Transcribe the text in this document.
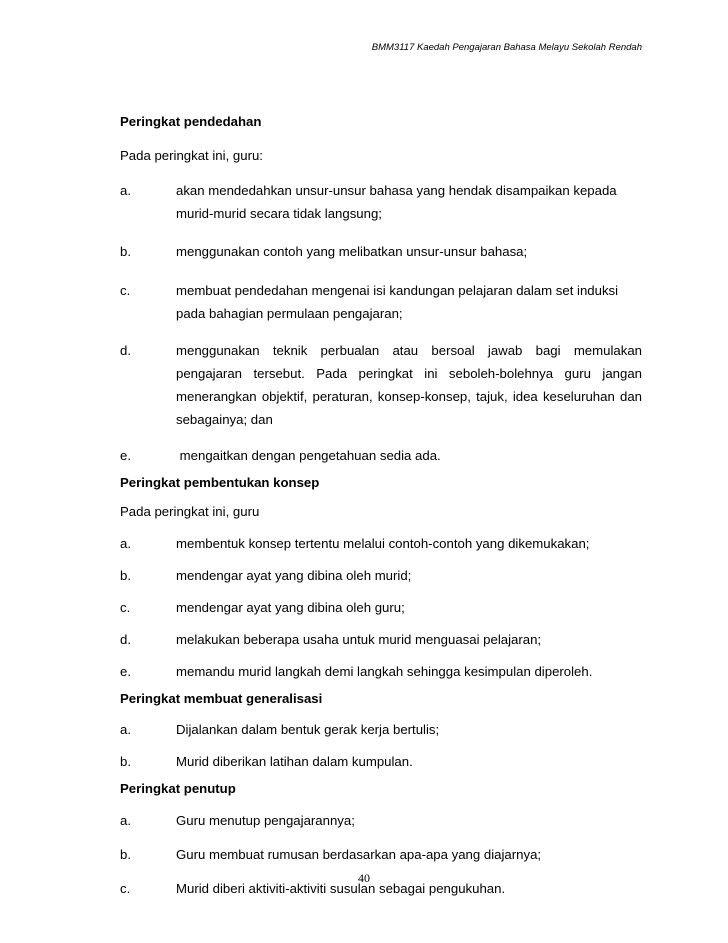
BMM3117 Kaedah Pengajaran Bahasa Melayu Sekolah Rendah

Peringkat pendedahan

Pada peringkat ini, guru:

a.	akan mendedahkan unsur-unsur bahasa yang hendak disampaikan kepada murid-murid secara tidak langsung;
b.	menggunakan contoh yang melibatkan unsur-unsur bahasa;
c.	membuat pendedahan mengenai isi kandungan pelajaran dalam set induksi pada bahagian permulaan pengajaran;
d.	menggunakan teknik perbualan atau bersoal jawab bagi memulakan pengajaran tersebut. Pada peringkat ini seboleh-bolehnya guru jangan menerangkan objektif, peraturan, konsep-konsep, tajuk, idea keseluruhan dan sebagainya; dan
e.	mengaitkan dengan pengetahuan sedia ada.

Peringkat pembentukan konsep

Pada peringkat ini, guru

a.	membentuk konsep tertentu melalui contoh-contoh yang dikemukakan;
b.	mendengar ayat yang dibina oleh murid;
c.	mendengar ayat yang dibina oleh guru;
d.	melakukan beberapa usaha untuk murid menguasai pelajaran;
e.	memandu murid langkah demi langkah sehingga kesimpulan diperoleh.

Peringkat membuat generalisasi

a.	Dijalankan dalam bentuk gerak kerja bertulis;
b.	Murid diberikan latihan dalam kumpulan.

Peringkat penutup

a.	Guru menutup pengajarannya;
b.	Guru membuat rumusan berdasarkan apa-apa yang diajarnya;
c.	Murid diberi aktiviti-aktiviti susulan sebagai pengukuhan.
40
